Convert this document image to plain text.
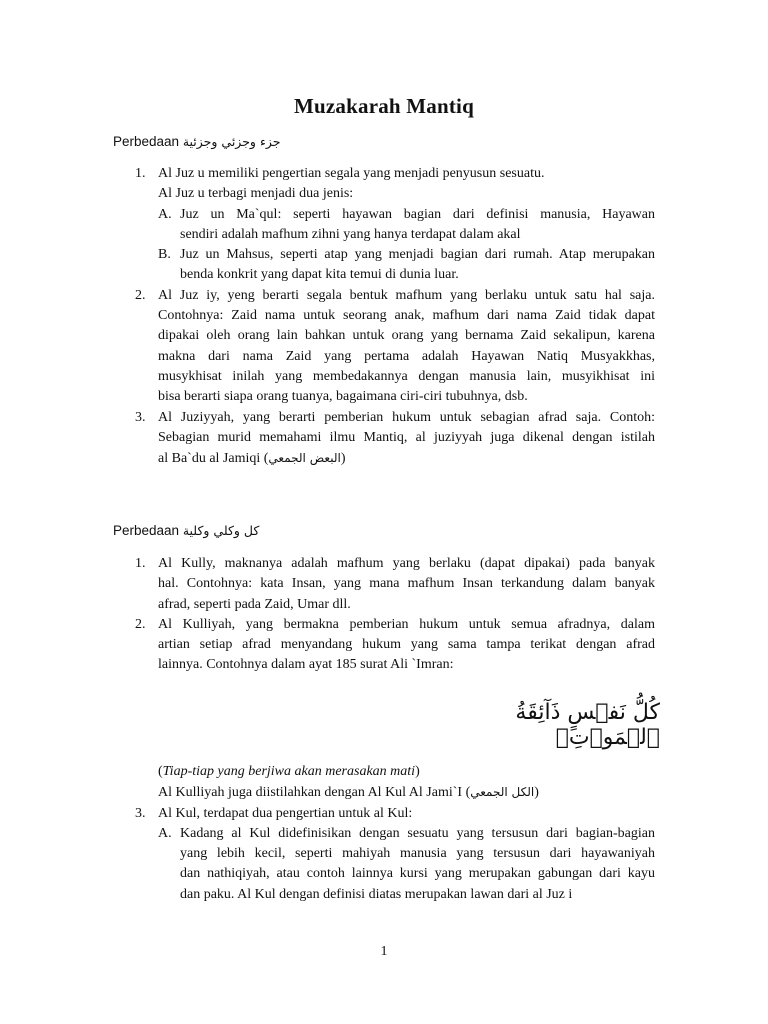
Muzakarah Mantiq
Perbedaan جزء وجزئي وجزئية
1. Al Juz u memiliki pengertian segala yang menjadi penyusun sesuatu.
Al Juz u terbagi menjadi dua jenis:
A. Juz un Ma`qul: seperti hayawan bagian dari definisi manusia, Hayawan
sendiri adalah mafhum zihni yang hanya terdapat dalam akal
B. Juz un Mahsus, seperti atap yang menjadi bagian dari rumah. Atap merupakan
benda konkrit yang dapat kita temui di dunia luar.
2. Al Juz iy, yeng berarti segala bentuk mafhum yang berlaku untuk satu hal saja.
Contohnya: Zaid nama untuk seorang anak, mafhum dari nama Zaid tidak dapat
dipakai oleh orang lain bahkan untuk orang yang bernama Zaid sekalipun, karena
makna dari nama Zaid yang pertama adalah Hayawan Natiq Musyakkhas,
musykhisat inilah yang membedakannya dengan manusia lain, musyikhisat ini
bisa berarti siapa orang tuanya, bagaimana ciri-ciri tubuhnya, dsb.
3. Al Juziyyah, yang berarti pemberian hukum untuk sebagian afrad saja. Contoh:
Sebagian murid memahami ilmu Mantiq, al juziyyah juga dikenal dengan istilah
al Ba`du al Jamiqi (البعض الجمعي)
Perbedaan كل وكلي وكلية
1. Al Kully, maknanya adalah mafhum yang berlaku (dapat dipakai) pada banyak
hal. Contohnya: kata Insan, yang mana mafhum Insan terkandung dalam banyak
afrad, seperti pada Zaid, Umar dll.
2. Al Kulliyah, yang bermakna pemberian hukum untuk semua afradnya, dalam
artian setiap afrad menyandang hukum yang sama tampa terikat dengan afrad
lainnya. Contohnya dalam ayat 185 surat Ali `Imran:
كُلُّ نَفۡسٍ ذَآئِقَةُ ٱلۡمَوۡتِۗ
(Tiap-tiap yang berjiwa akan merasakan mati)
Al Kulliyah juga diistilahkan dengan Al Kul Al Jami`I (الكل الجمعي)
3. Al Kul, terdapat dua pengertian untuk al Kul:
A. Kadang al Kul didefinisikan dengan sesuatu yang tersusun dari bagian-bagian
yang lebih kecil, seperti mahiyah manusia yang tersusun dari hayawaniyah
dan nathiqiyah, atau contoh lainnya kursi yang merupakan gabungan dari kayu
dan paku. Al Kul dengan definisi diatas merupakan lawan dari al Juz i
1
